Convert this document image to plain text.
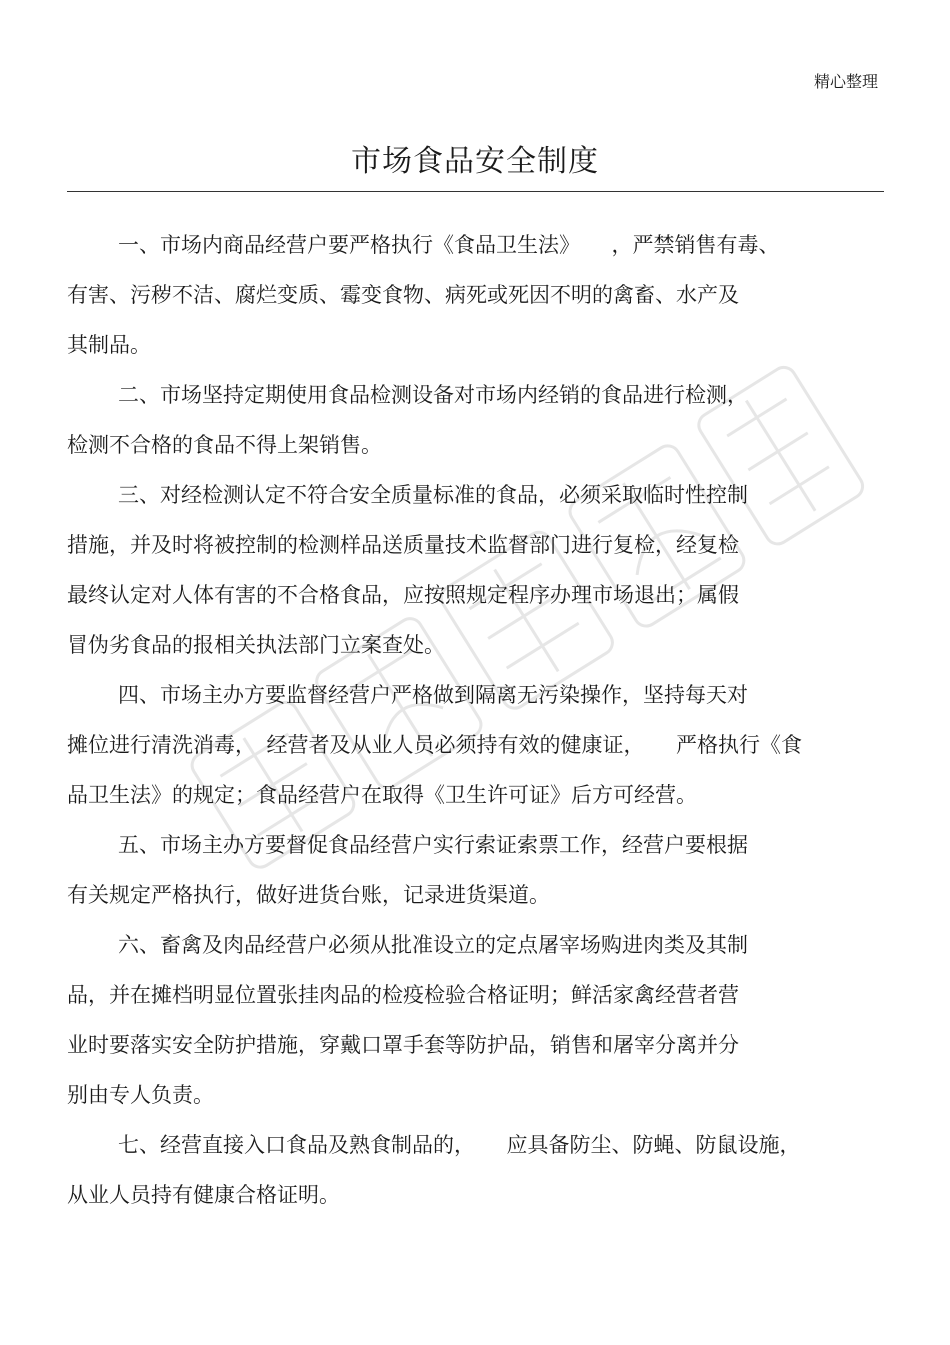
精心整理
市场食品安全制度
一、市场内商品经营户要严格执行《食品卫生法》　　，严禁销售有毒、
有害、污秽不洁、腐烂变质、霉变食物、病死或死因不明的禽畜、水产及
其制品。
二、市场坚持定期使用食品检测设备对市场内经销的食品进行检测，
检测不合格的食品不得上架销售。
三、对经检测认定不符合安全质量标准的食品，必须采取临时性控制
措施，并及时将被控制的检测样品送质量技术监督部门进行复检，经复检
最终认定对人体有害的不合格食品，应按照规定程序办理市场退出；属假
冒伪劣食品的报相关执法部门立案查处。
四、市场主办方要监督经营户严格做到隔离无污染操作，坚持每天对
摊位进行清洗消毒，　经营者及从业人员必须持有效的健康证，　　严格执行《食
品卫生法》的规定；食品经营户在取得《卫生许可证》后方可经营。
五、市场主办方要督促食品经营户实行索证索票工作，经营户要根据
有关规定严格执行，做好进货台账，记录进货渠道。
六、畜禽及肉品经营户必须从批准设立的定点屠宰场购进肉类及其制
品，并在摊档明显位置张挂肉品的检疫检验合格证明；鲜活家禽经营者营
业时要落实安全防护措施，穿戴口罩手套等防护品，销售和屠宰分离并分
别由专人负责。
七、经营直接入口食品及熟食制品的，　　应具备防尘、防蝇、防鼠设施，
从业人员持有健康合格证明。
